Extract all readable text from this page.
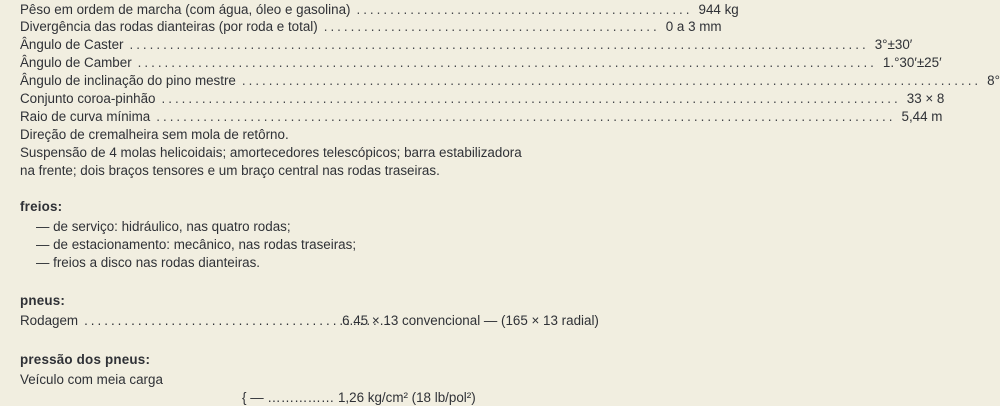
Pêso em ordem de marcha (com água, óleo e gasolina) .................................................. 944 kg
Divergência das rodas dianteiras (por roda e total) .................................................. 0 a 3 mm
Ângulo de Caster .............................................................................................................. 3°±30′
Ângulo de Camber .............................................................................................................. 1.°30′±25′
Ângulo de inclinação do pino mestre .............................................................................................................. 8°
Conjunto coroa-pinhão .............................................................................................................. 33 × 8
Raio de curva mínima .............................................................................................................. 5,44 m
Direção de cremalheira sem mola de retôrno.
Suspensão de 4 molas helicoidais; amortecedores telescópicos; barra estabilizadora
na frente; dois braços tensores e um braço central nas rodas traseiras.
freios:
— de serviço: hidráulico, nas quatro rodas;
— de estacionamento: mecânico, nas rodas traseiras;
— freios a disco nas rodas dianteiras.
pneus:
Rodagem ..............................................
6.45 × 13 convencional — (165 × 13 radial)
pressão dos pneus:
Veículo com meia carga
{ — …………… 1,26 kg/cm² (18 lb/pol²)
